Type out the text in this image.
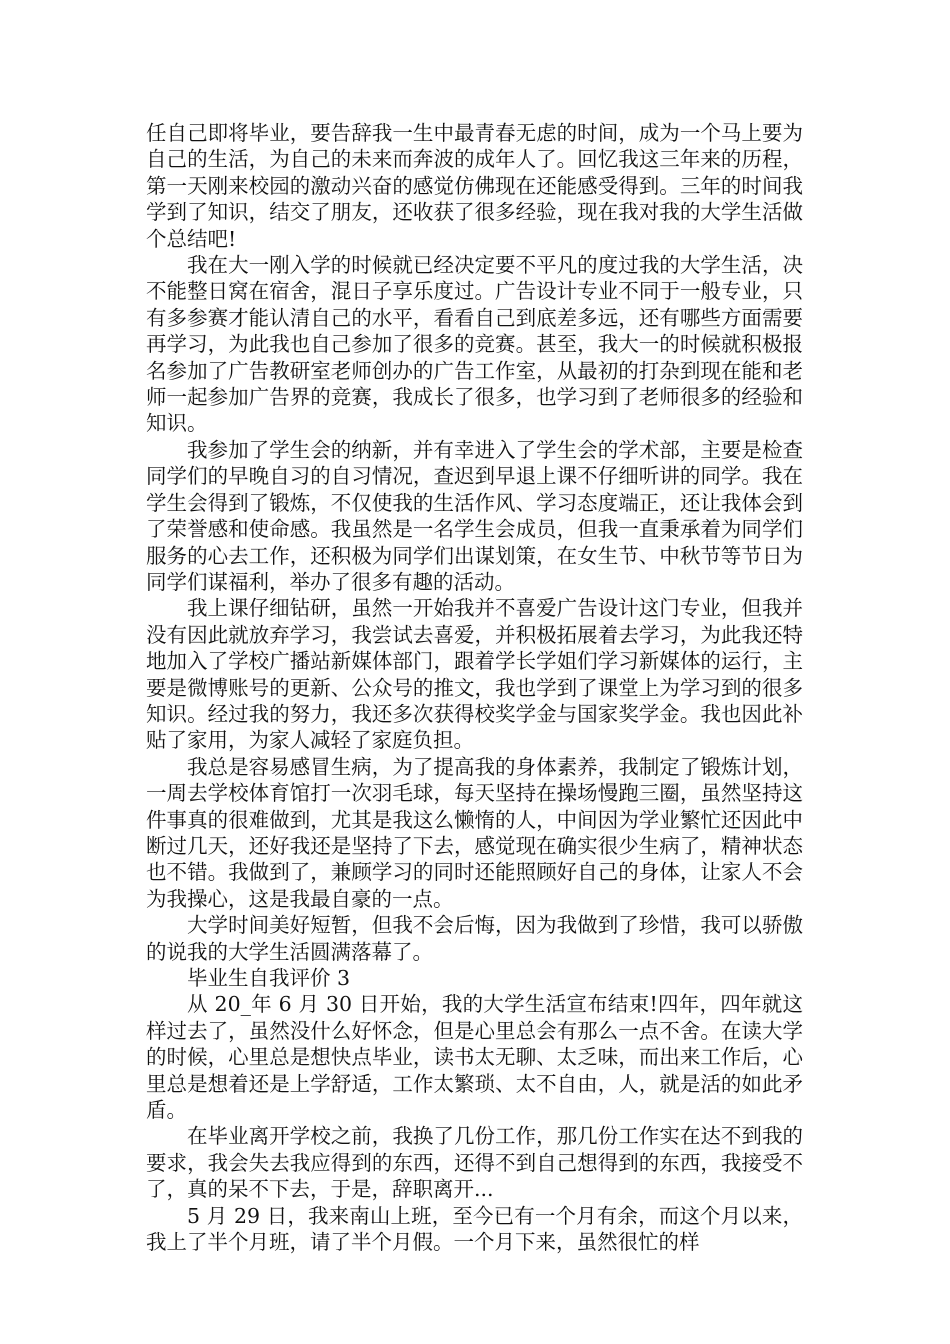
任自己即将毕业，要告辞我一生中最青春无虑的时间，成为一个马上要为自己的生活，为自己的未来而奔波的成年人了。回忆我这三年来的历程，第一天刚来校园的激动兴奋的感觉仿佛现在还能感受得到。三年的时间我学到了知识，结交了朋友，还收获了很多经验，现在我对我的大学生活做个总结吧!

我在大一刚入学的时候就已经决定要不平凡的度过我的大学生活，决不能整日窝在宿舍，混日子享乐度过。广告设计专业不同于一般专业，只有多参赛才能认清自己的水平，看看自己到底差多远，还有哪些方面需要再学习，为此我也自己参加了很多的竞赛。甚至，我大一的时候就积极报名参加了广告教研室老师创办的广告工作室，从最初的打杂到现在能和老师一起参加广告界的竞赛，我成长了很多，也学习到了老师很多的经验和知识。

我参加了学生会的纳新，并有幸进入了学生会的学术部，主要是检查同学们的早晚自习的自习情况，查迟到早退上课不仔细听讲的同学。我在学生会得到了锻炼，不仅使我的生活作风、学习态度端正，还让我体会到了荣誉感和使命感。我虽然是一名学生会成员，但我一直秉承着为同学们服务的心去工作，还积极为同学们出谋划策，在女生节、中秋节等节日为同学们谋福利，举办了很多有趣的活动。

我上课仔细钻研，虽然一开始我并不喜爱广告设计这门专业，但我并没有因此就放弃学习，我尝试去喜爱，并积极拓展着去学习，为此我还特地加入了学校广播站新媒体部门，跟着学长学姐们学习新媒体的运行，主要是微博账号的更新、公众号的推文，我也学到了课堂上为学习到的很多知识。经过我的努力，我还多次获得校奖学金与国家奖学金。我也因此补贴了家用，为家人减轻了家庭负担。

我总是容易感冒生病，为了提高我的身体素养，我制定了锻炼计划，一周去学校体育馆打一次羽毛球，每天坚持在操场慢跑三圈，虽然坚持这件事真的很难做到，尤其是我这么懒惰的人，中间因为学业繁忙还因此中断过几天，还好我还是坚持了下去，感觉现在确实很少生病了，精神状态也不错。我做到了，兼顾学习的同时还能照顾好自己的身体，让家人不会为我操心，这是我最自豪的一点。

大学时间美好短暂，但我不会后悔，因为我做到了珍惜，我可以骄傲的说我的大学生活圆满落幕了。

毕业生自我评价 3

从 20_年 6 月 30 日开始，我的大学生活宣布结束!四年，四年就这样过去了，虽然没什么好怀念，但是心里总会有那么一点不舍。在读大学的时候，心里总是想快点毕业，读书太无聊、太乏味，而出来工作后，心里总是想着还是上学舒适，工作太繁琐、太不自由，人，就是活的如此矛盾。

在毕业离开学校之前，我换了几份工作，那几份工作实在达不到我的要求，我会失去我应得到的东西，还得不到自己想得到的东西，我接受不了，真的呆不下去，于是，辞职离开...

5 月 29 日，我来南山上班，至今已有一个月有余，而这个月以来，我上了半个月班，请了半个月假。一个月下来，虽然很忙的样
